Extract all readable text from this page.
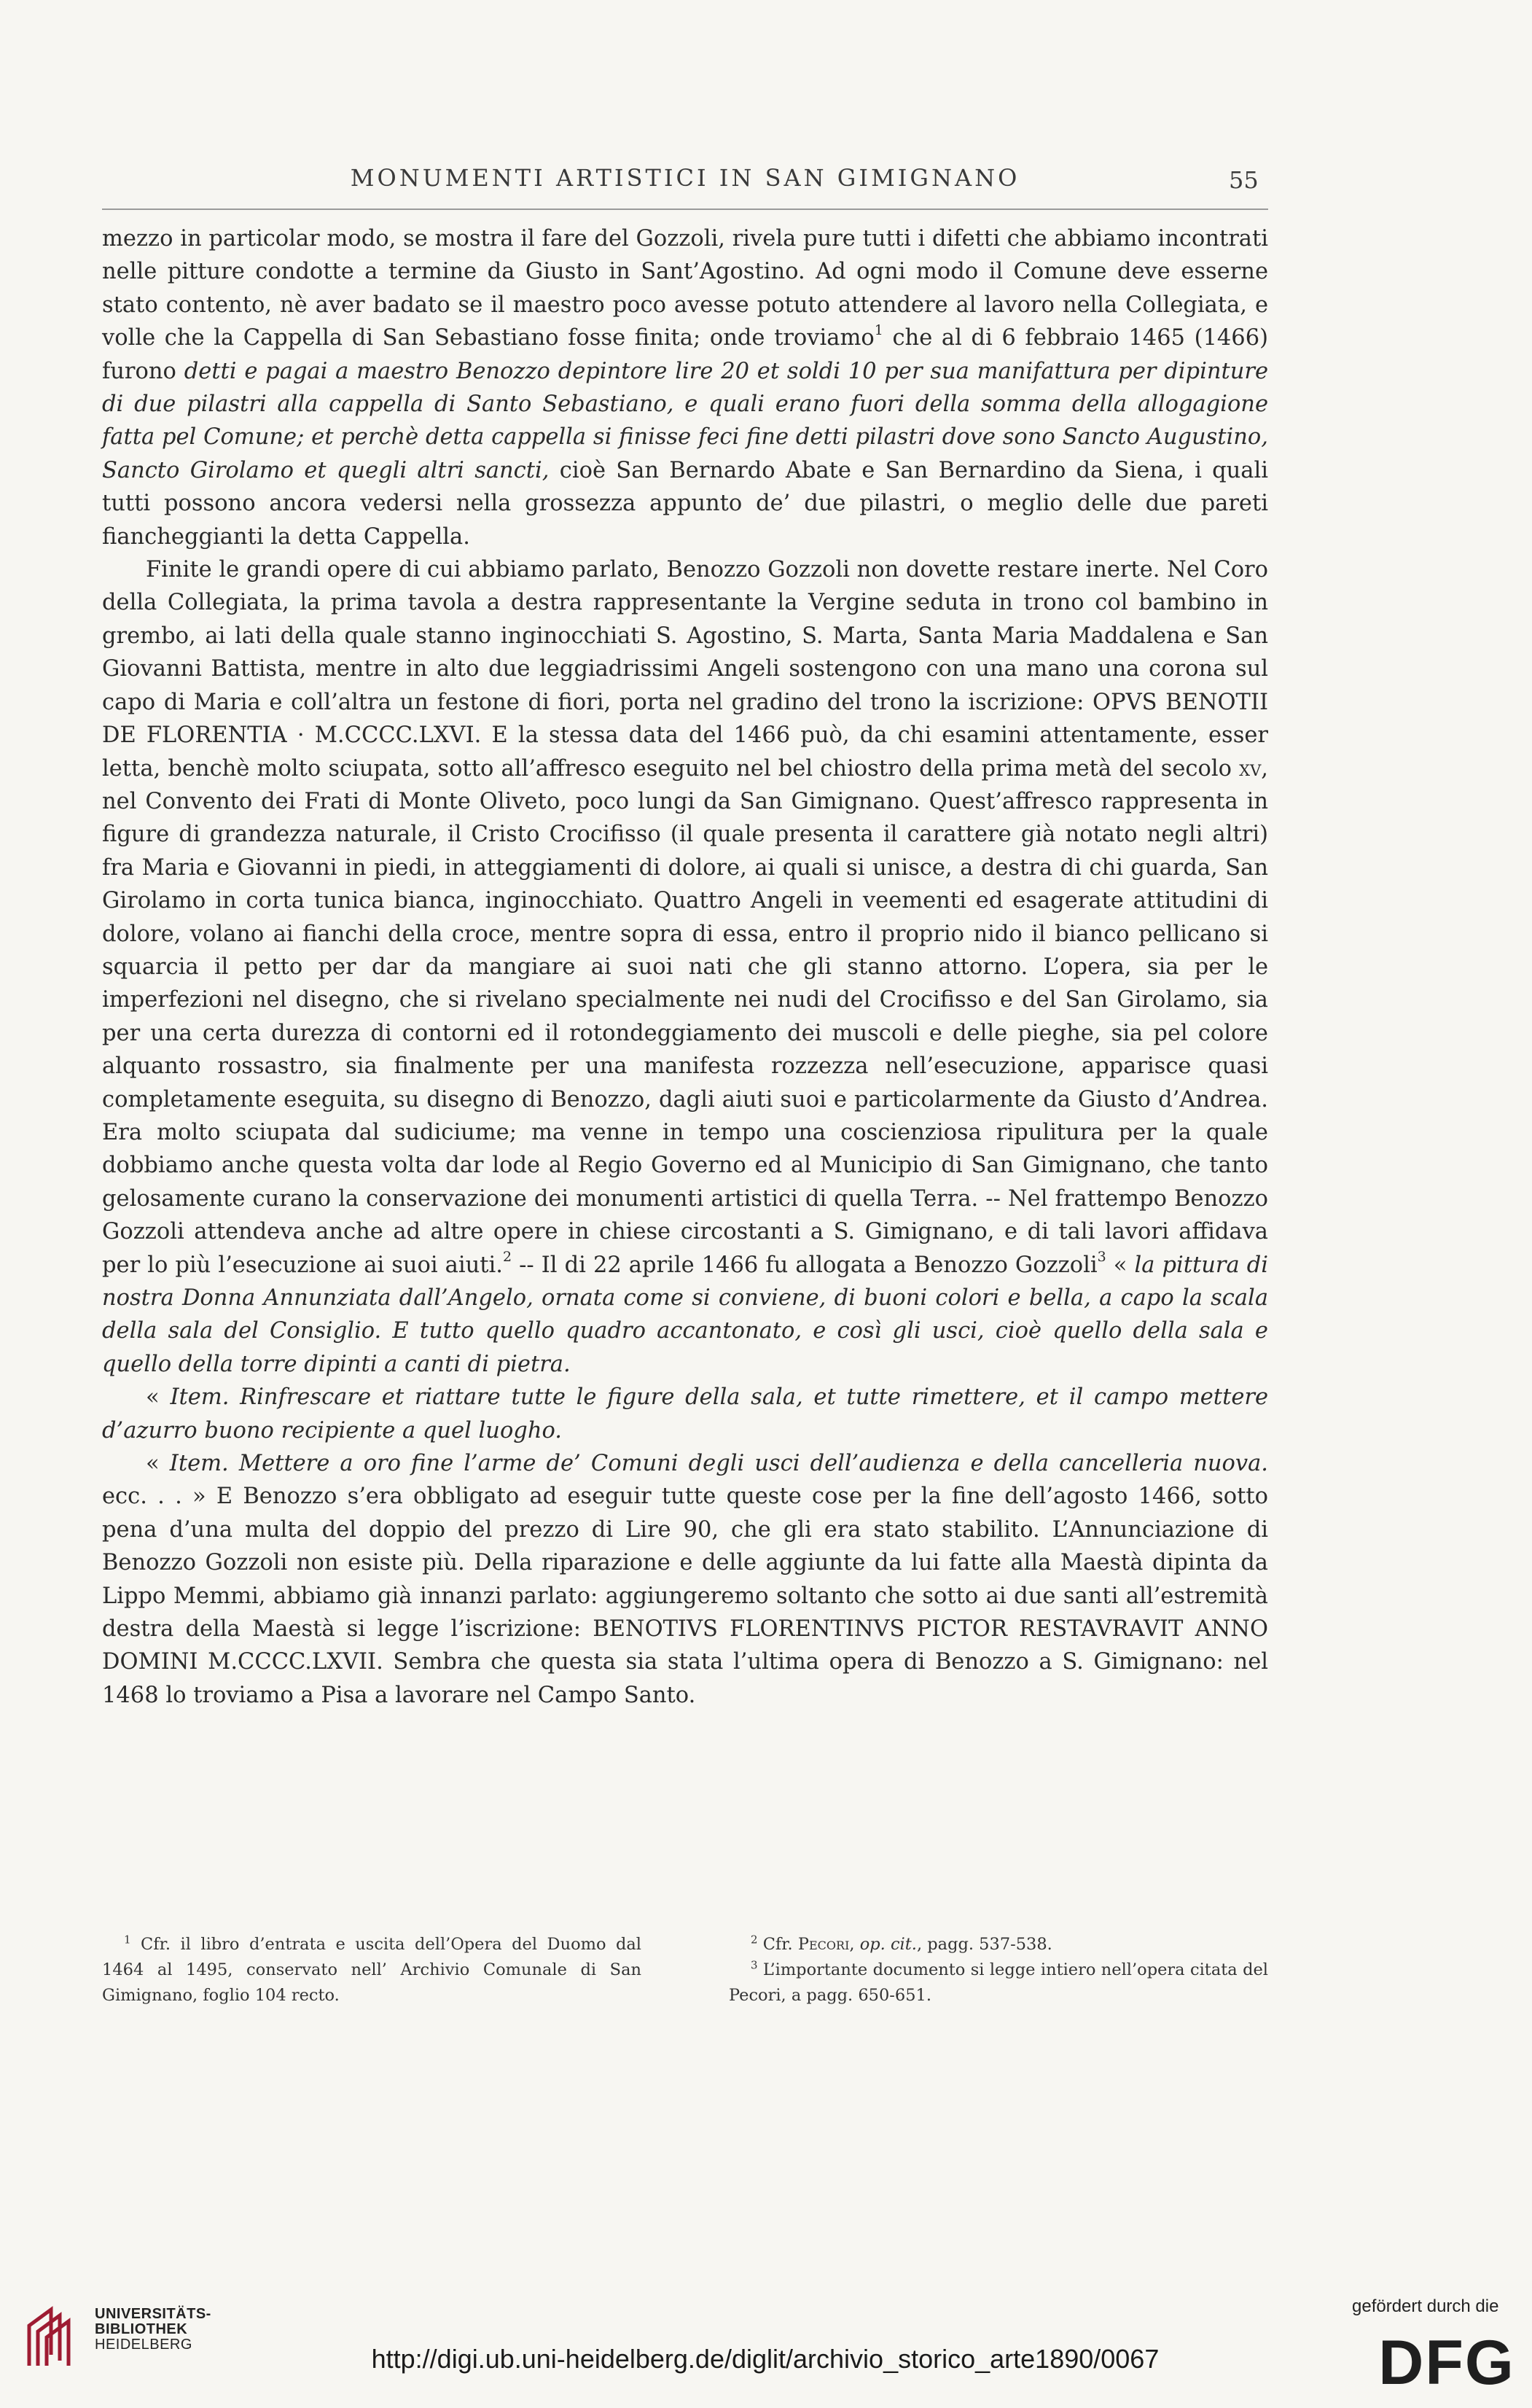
MONUMENTI ARTISTICI IN SAN GIMIGNANO	55

mezzo in particolar modo, se mostra il fare del Gozzoli, rivela pure tutti i difetti che abbiamo incontrati nelle pitture condotte a termine da Giusto in Sant’Agostino. Ad ogni modo il Comune deve esserne stato contento, nè aver badato se il maestro poco avesse potuto attendere al lavoro nella Collegiata, e volle che la Cappella di San Sebastiano fosse finita; onde troviamo$^1$ che al di 6 febbraio 1465 (1466) furono detti e pagai a maestro Benozzo depintore lire 20 et soldi 10 per sua manifattura per dipinture di due pilastri alla cappella di Santo Sebastiano, e quali erano fuori della somma della allogagione fatta pel Comune; et perchè detta cappella si finisse feci fine detti pilastri dove sono Sancto Augustino, Sancto Girolamo et quegli altri sancti, cioè San Bernardo Abate e San Bernardino da Siena, i quali tutti possono ancora vedersi nella grossezza appunto de’ due pilastri, o meglio delle due pareti fiancheggianti la detta Cappella.

Finite le grandi opere di cui abbiamo parlato, Benozzo Gozzoli non dovette restare inerte. Nel Coro della Collegiata, la prima tavola a destra rappresentante la Vergine seduta in trono col bambino in grembo, ai lati della quale stanno inginocchiati S. Agostino, S. Marta, Santa Maria Maddalena e San Giovanni Battista, mentre in alto due leggiadrissimi Angeli sostengono con una mano una corona sul capo di Maria e coll’altra un festone di fiori, porta nel gradino del trono la iscrizione: OPVS BENOTII DE FLORENTIA · M.CCCC.LXVI. E la stessa data del 1466 può, da chi esamini attentamente, esser letta, benchè molto sciupata, sotto all’affresco eseguito nel bel chiostro della prima metà del secolo xv, nel Convento dei Frati di Monte Oliveto, poco lungi da San Gimignano. Quest’affresco rappresenta in figure di grandezza naturale, il Cristo Crocifisso (il quale presenta il carattere già notato negli altri) fra Maria e Giovanni in piedi, in atteggiamenti di dolore, ai quali si unisce, a destra di chi guarda, San Girolamo in corta tunica bianca, inginocchiato. Quattro Angeli in veementi ed esagerate attitudini di dolore, volano ai fianchi della croce, mentre sopra di essa, entro il proprio nido il bianco pellicano si squarcia il petto per dar da mangiare ai suoi nati che gli stanno attorno. L’opera, sia per le imperfezioni nel disegno, che si rivelano specialmente nei nudi del Crocifisso e del San Girolamo, sia per una certa durezza di contorni ed il rotondeggiamento dei muscoli e delle pieghe, sia pel colore alquanto rossastro, sia finalmente per una manifesta rozzezza nell’esecuzione, apparisce quasi completamente eseguita, su disegno di Benozzo, dagli aiuti suoi e particolarmente da Giusto d’Andrea. Era molto sciupata dal sudiciume; ma venne in tempo una coscienziosa ripulitura per la quale dobbiamo anche questa volta dar lode al Regio Governo ed al Municipio di San Gimignano, che tanto gelosamente curano la conservazione dei monumenti artistici di quella Terra. -- Nel frattempo Benozzo Gozzoli attendeva anche ad altre opere in chiese circostanti a S. Gimignano, e di tali lavori affidava per lo più l’esecuzione ai suoi aiuti.$^2$ -- Il di 22 aprile 1466 fu allogata a Benozzo Gozzoli$^3$ « la pittura di nostra Donna Annunziata dall’Angelo, ornata come si conviene, di buoni colori e bella, a capo la scala della sala del Consiglio. E tutto quello quadro accantonato, e così gli usci, cioè quello della sala e quello della torre dipinti a canti di pietra.

« Item. Rinfrescare et riattare tutte le figure della sala, et tutte rimettere, et il campo mettere d’azurro buono recipiente a quel luogho.

« Item. Mettere a oro fine l’arme de’ Comuni degli usci dell’audienza e della cancelleria nuova. ecc. . . » E Benozzo s’era obbligato ad eseguir tutte queste cose per la fine dell’agosto 1466, sotto pena d’una multa del doppio del prezzo di Lire 90, che gli era stato stabilito. L’Annunciazione di Benozzo Gozzoli non esiste più. Della riparazione e delle aggiunte da lui fatte alla Maestà dipinta da Lippo Memmi, abbiamo già innanzi parlato: aggiungeremo soltanto che sotto ai due santi all’estremità destra della Maestà si legge l’iscrizione: BENOTIVS FLORENTINVS PICTOR RESTAVRAVIT ANNO DOMINI M.CCCC.LXVII. Sembra che questa sia stata l’ultima opera di Benozzo a S. Gimignano: nel 1468 lo troviamo a Pisa a lavorare nel Campo Santo.

$^1$ Cfr. il libro d’entrata e uscita dell’Opera del Duomo dal 1464 al 1495, conservato nell’ Archivio Comunale di San Gimignano, foglio 104 recto.

$^2$ Cfr. Pecori, op. cit., pagg. 537-538.

$^3$ L’importante documento si legge intiero nell’opera citata del Pecori, a pagg. 650-651.

UNIVERSITÄTS-
BIBLIOTHEK
HEIDELBERG	http://digi.ub.uni-heidelberg.de/diglit/archivio_storico_arte1890/0067
gefördert durch die
DFG
